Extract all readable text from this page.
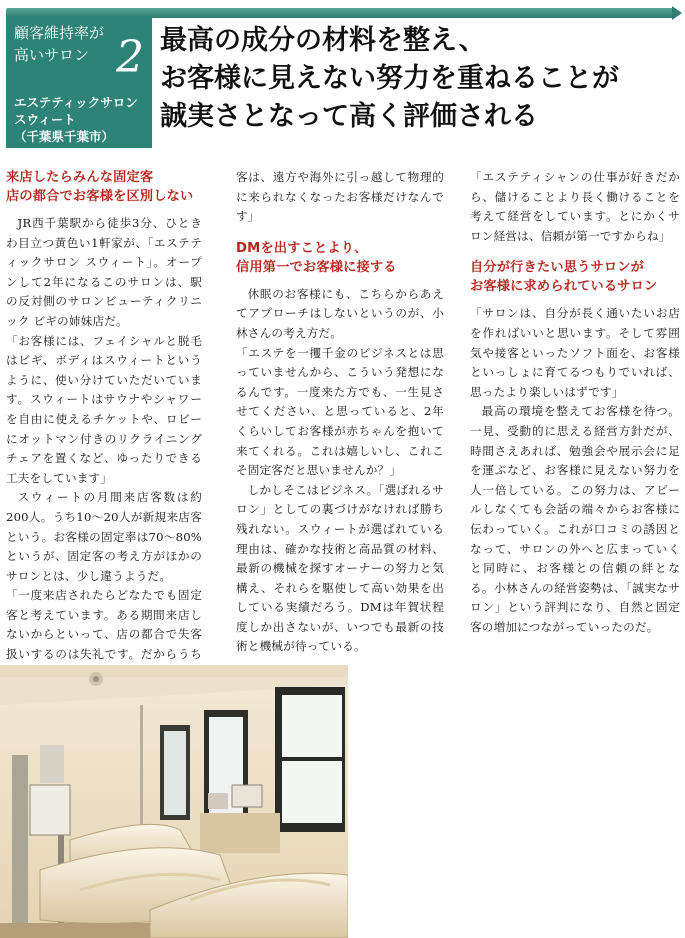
顧客維持率が
高いサロン 2
エステティックサロン
スウィート
（千葉県千葉市）
最高の成分の材料を整え、
お客様に見えない努力を重ねることが
誠実さとなって高く評価される
来店したらみんな固定客
店の都合でお客様を区別しない

JR西千葉駅から徒歩3分、ひときわ目立つ黄色い1軒家が、「エステティックサロン スウィート」。オープンして2年になるこのサロンは、駅の反対側のサロンビューティクリニック ビギの姉妹店だ。

「お客様には、フェイシャルと脱毛はビギ、ボディはスウィートというように、使い分けていただいています。スウィートはサウナやシャワーを自由に使えるチケットや、ロビーにオットマン付きのリクライニングチェアを置くなど、ゆったりできる工夫をしています」

スウィートの月間来店客数は約200人。うち10～20人が新規来店客という。お客様の固定率は70～80%というが、固定客の考え方がほかのサロンとは、少し違うようだ。

「一度来店されたらどなたでも固定客と考えています。ある期間来店しないからといって、店の都合で失客扱いするのは失礼です。だからうち

客は、遠方や海外に引っ越して物理的に来られなくなったお客様だけなんです」

DMを出すことより、
信用第一でお客様に接する

休眠のお客様にも、こちらからあえてアプローチはしないというのが、小林さんの考え方だ。

「エステを一攫千金のビジネスとは思っていませんから、こういう発想になるんです。一度来た方でも、一生見させてください、と思っていると、2年くらいしてお客様が赤ちゃんを抱いて来てくれる。これは嬉しいし、これこそ固定客だと思いませんか？」

しかしそこはビジネス。「選ばれるサロン」としての裏づけがなければ勝ち残れない。スウィートが選ばれている理由は、確かな技術と高品質の材料、最新の機械を探すオーナーの努力と気構え、それらを駆使して高い効果を出している実績だろう。DMは年賀状程度しか出さないが、いつでも最新の技術と機械が待っている。

「エステティシャンの仕事が好きだから、儲けることより長く働けることを考えて経営をしています。とにかくサロン経営は、信頼が第一ですからね」

自分が行きたい思うサロンが
お客様に求められているサロン

「サロンは、自分が長く通いたいお店を作ればいいと思います。そして雰囲気や接客といったソフト面を、お客様といっしょに育てるつもりでいれば、思ったより楽しいはずです」

最高の環境を整えてお客様を待つ。一見、受動的に思える経営方針だが、時間さえあれば、勉強会や展示会に足を運ぶなど、お客様に見えない努力を人一倍している。この努力は、アピールしなくても会話の端々からお客様に伝わっていく。これが口コミの誘因となって、サロンの外へと広まっていくと同時に、お客様との信頼の絆となる。小林さんの経営姿勢は、「誠実なサロン」という評判になり、自然と固定客の増加につながっていったのだ。
